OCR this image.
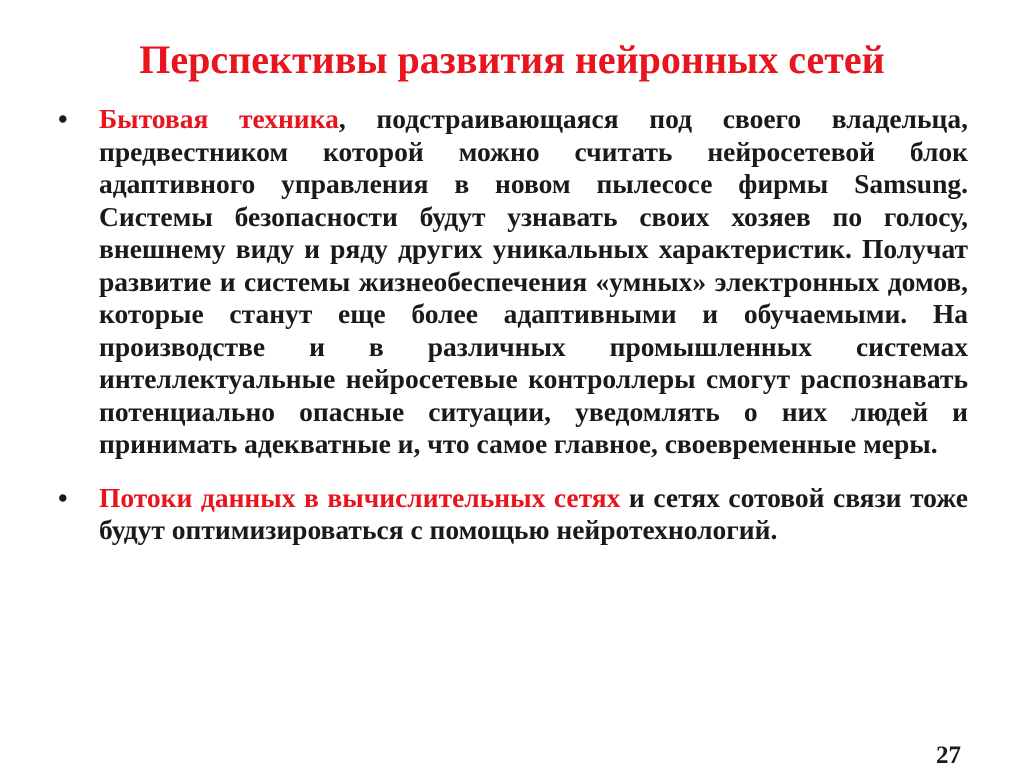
Перспективы развития нейронных сетей
• Бытовая техника, подстраивающаяся под своего владельца, предвестником которой можно считать нейросетевой блок адаптивного управления в новом пылесосе фирмы Samsung. Системы безопасности будут узнавать своих хозяев по голосу, внешнему виду и ряду других уникальных характеристик. Получат развитие и системы жизнеобеспечения «умных» электронных домов, которые станут еще более адаптивными и обучаемыми. На производстве и в различных промышленных системах интеллектуальные нейросетевые контроллеры смогут распознавать потенциально опасные ситуации, уведомлять о них людей и принимать адекватные и, что самое главное, своевременные меры.
• Потоки данных в вычислительных сетях и сетях сотовой связи тоже будут оптимизироваться с помощью нейротехнологий.
27
